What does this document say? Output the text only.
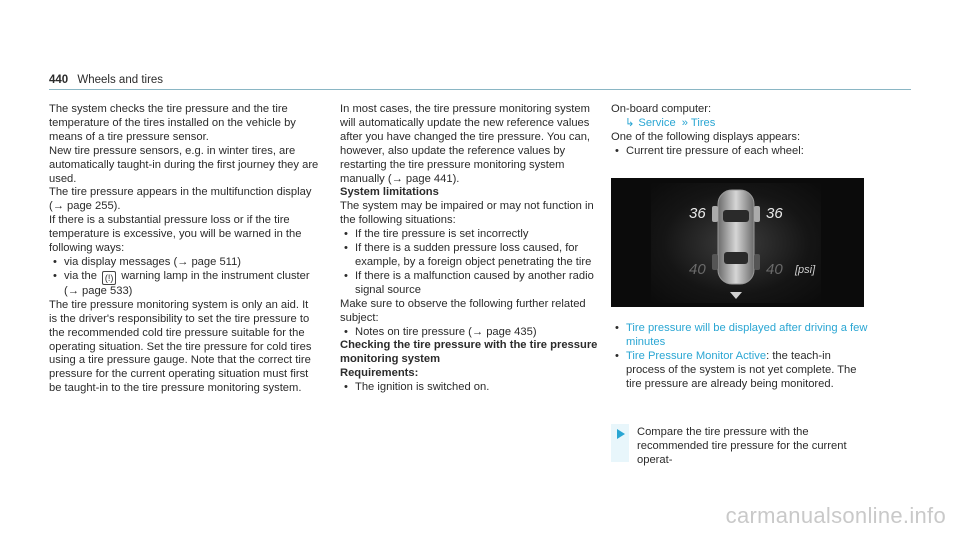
440 Wheels and tires

The system checks the tire pressure and the tire temperature of the tires installed on the vehicle by means of a tire pressure sensor.

New tire pressure sensors, e.g. in winter tires, are automatically taught-in during the first journey they are used.

The tire pressure appears in the multifunction display (→ page 255).

If there is a substantial pressure loss or if the tire temperature is excessive, you will be warned in the following ways:

• via display messages (→ page 511)
• via the (!) warning lamp in the instrument cluster (→ page 533)

The tire pressure monitoring system is only an aid. It is the driver's responsibility to set the tire pressure to the recommended cold tire pressure suitable for the operating situation. Set the tire pressure for cold tires using a tire pressure gauge. Note that the correct tire pressure for the current operating situation must first be taught-in to the tire pressure monitoring system.

In most cases, the tire pressure monitoring system will automatically update the new reference values after you have changed the tire pressure. You can, however, also update the reference values by restarting the tire pressure monitoring system manually (→ page 441).

System limitations

The system may be impaired or may not function in the following situations:

• If the tire pressure is set incorrectly
• If there is a sudden pressure loss caused, for example, by a foreign object penetrating the tire
• If there is a malfunction caused by another radio signal source

Make sure to observe the following further related subject:

• Notes on tire pressure (→ page 435)

Checking the tire pressure with the tire pressure monitoring system

Requirements:

• The ignition is switched on.

On-board computer:

↳ Service » Tires

One of the following displays appears:

• Current tire pressure of each wheel:
36	36
40	40 [psi]
• Tire pressure will be displayed after driving a few minutes
• Tire Pressure Monitor Active: the teach-in process of the system is not yet complete. The tire pressure are already being monitored.
Compare the tire pressure with the recommended tire pressure for the current operat-
carmanualsonline.info
